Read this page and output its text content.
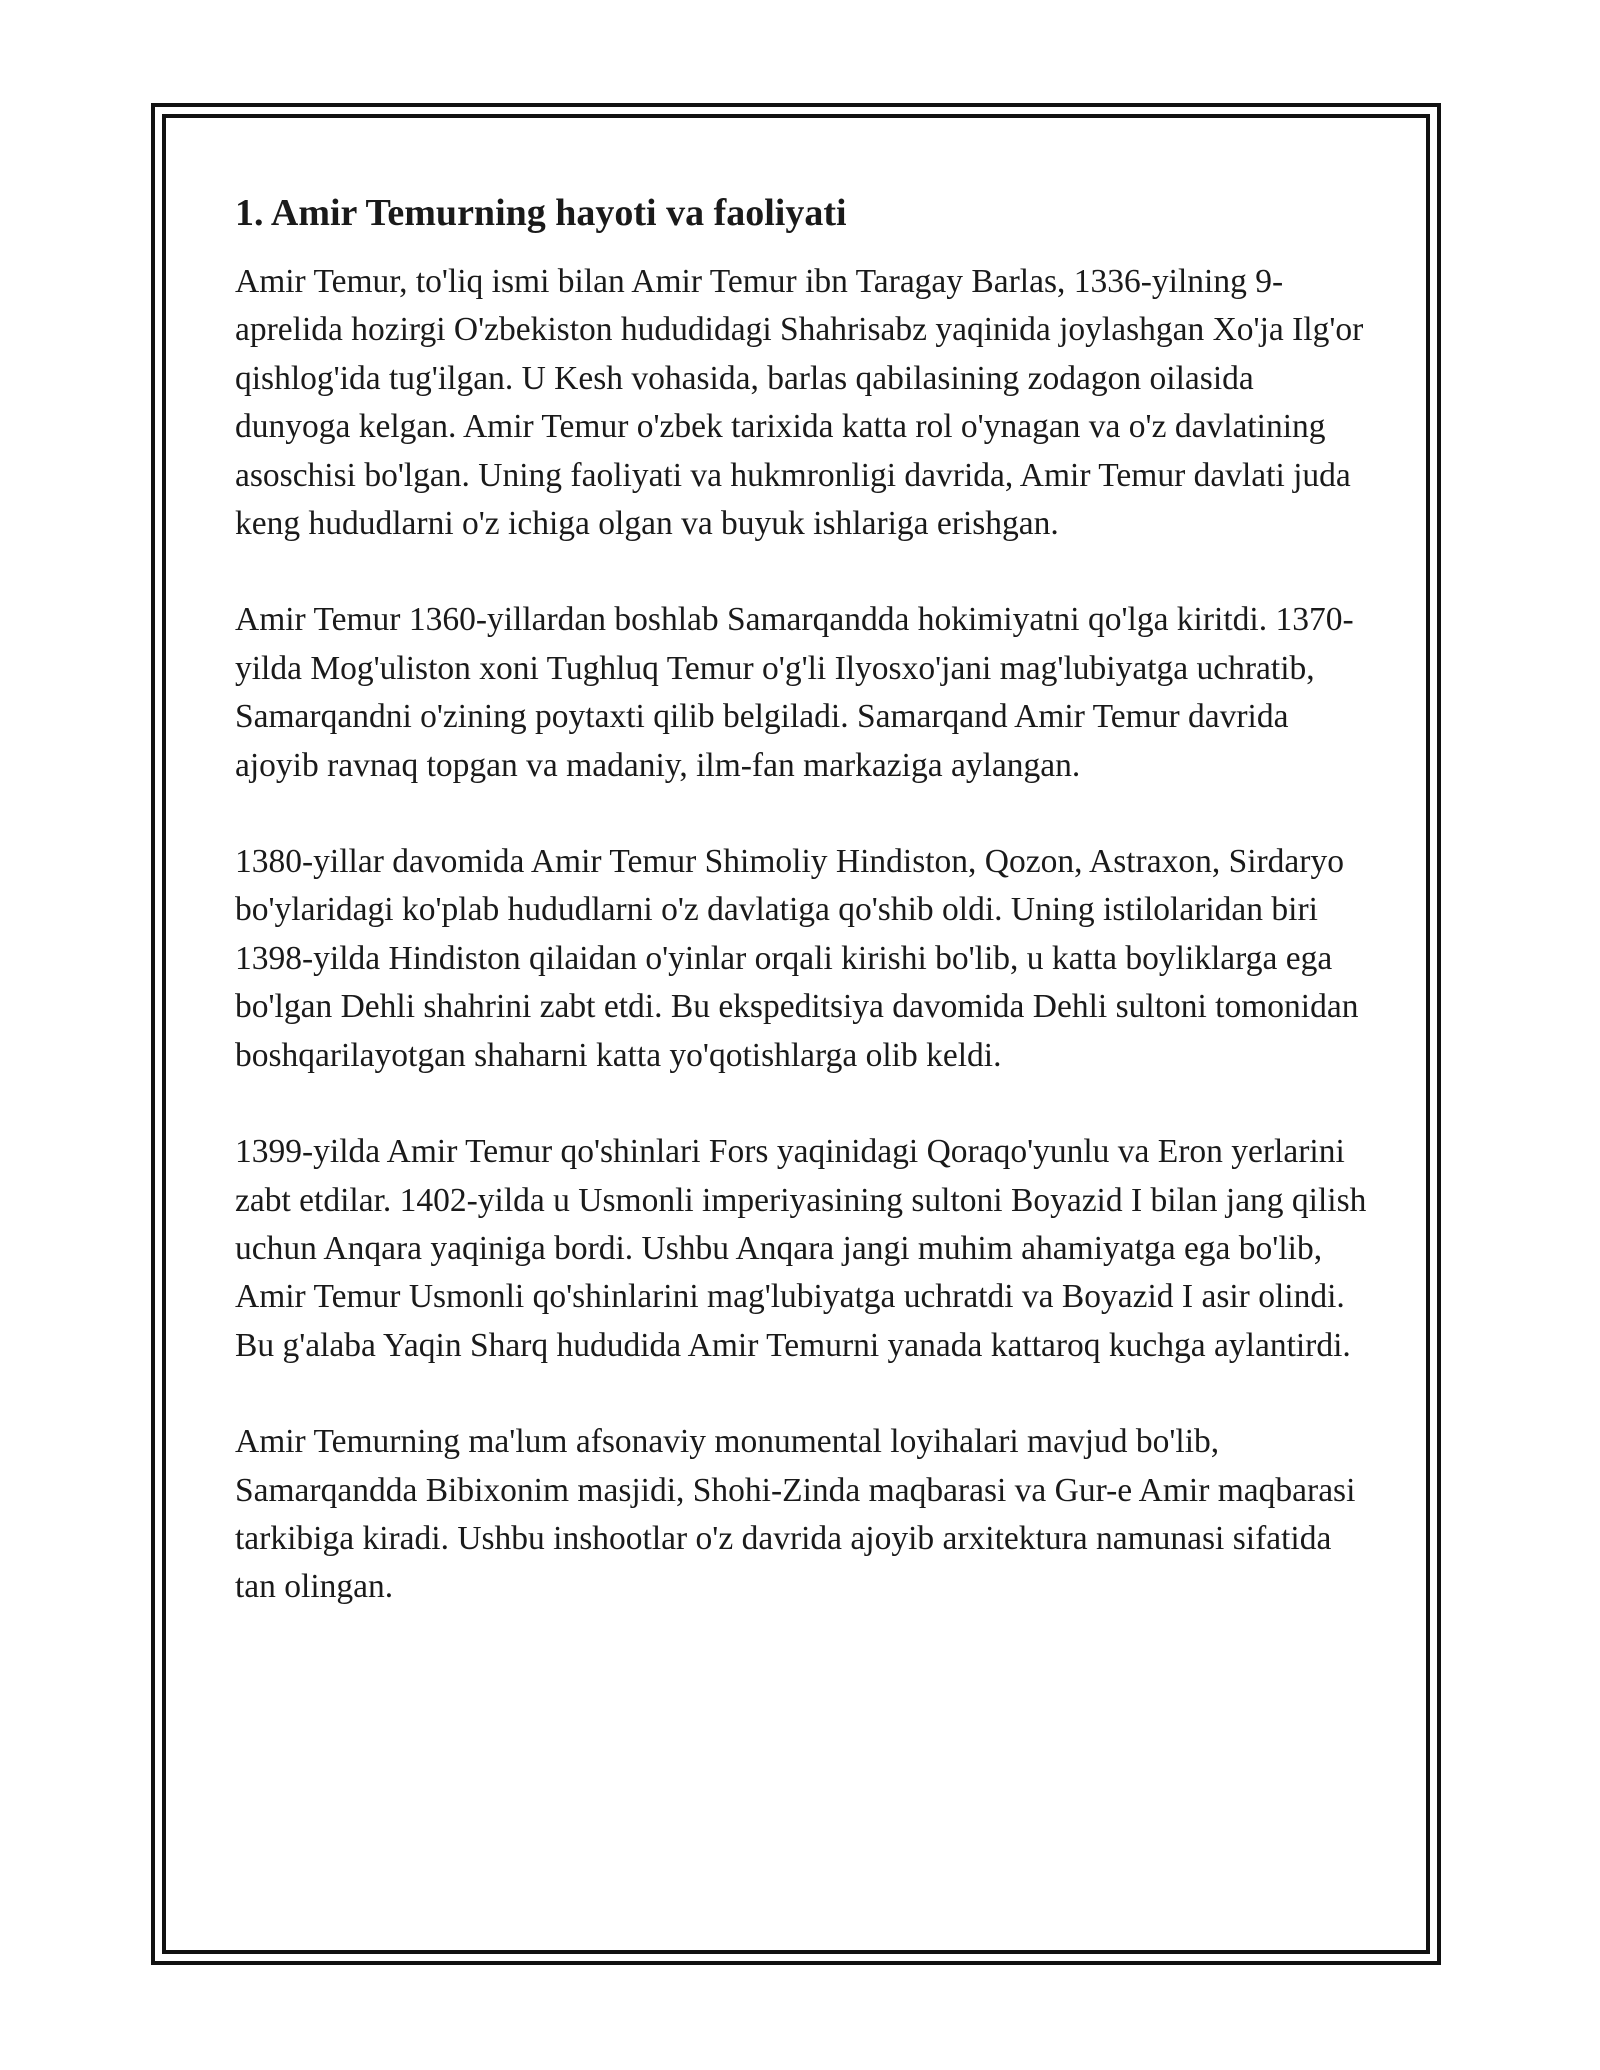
1. Amir Temurning hayoti va faoliyati

Amir Temur, to'liq ismi bilan Amir Temur ibn Taragay Barlas, 1336-yilning 9-aprelida hozirgi O'zbekiston hududidagi Shahrisabz yaqinida joylashgan Xo'ja Ilg'or qishlog'ida tug'ilgan. U Kesh vohasida, barlas qabilasining zodagon oilasida dunyoga kelgan. Amir Temur o'zbek tarixida katta rol o'ynagan va o'z davlatining asoschisi bo'lgan. Uning faoliyati va hukmronligi davrida, Amir Temur davlati juda keng hududlarni o'z ichiga olgan va buyuk ishlariga erishgan.

Amir Temur 1360-yillardan boshlab Samarqandda hokimiyatni qo'lga kiritdi. 1370-yilda Mog'uliston xoni Tughluq Temur o'g'li Ilyosxo'jani mag'lubiyatga uchratib, Samarqandni o'zining poytaxti qilib belgiladi. Samarqand Amir Temur davrida ajoyib ravnaq topgan va madaniy, ilm-fan markaziga aylangan.

1380-yillar davomida Amir Temur Shimoliy Hindiston, Qozon, Astraxon, Sirdaryo bo'ylaridagi ko'plab hududlarni o'z davlatiga qo'shib oldi. Uning istilolaridan biri 1398-yilda Hindiston qilaidan o'yinlar orqali kirishi bo'lib, u katta boyliklarga ega bo'lgan Dehli shahrini zabt etdi. Bu ekspeditsiya davomida Dehli sultoni tomonidan boshqarilayotgan shaharni katta yo'qotishlarga olib keldi.

1399-yilda Amir Temur qo'shinlari Fors yaqinidagi Qoraqo'yunlu va Eron yerlarini zabt etdilar. 1402-yilda u Usmonli imperiyasining sultoni Boyazid I bilan jang qilish uchun Anqara yaqiniga bordi. Ushbu Anqara jangi muhim ahamiyatga ega bo'lib, Amir Temur Usmonli qo'shinlarini mag'lubiyatga uchratdi va Boyazid I asir olindi. Bu g'alaba Yaqin Sharq hududida Amir Temurni yanada kattaroq kuchga aylantirdi.

Amir Temurning ma'lum afsonaviy monumental loyihalari mavjud bo'lib, Samarqandda Bibixonim masjidi, Shohi-Zinda maqbarasi va Gur-e Amir maqbarasi tarkibiga kiradi. Ushbu inshootlar o'z davrida ajoyib arxitektura namunasi sifatida tan olingan.
